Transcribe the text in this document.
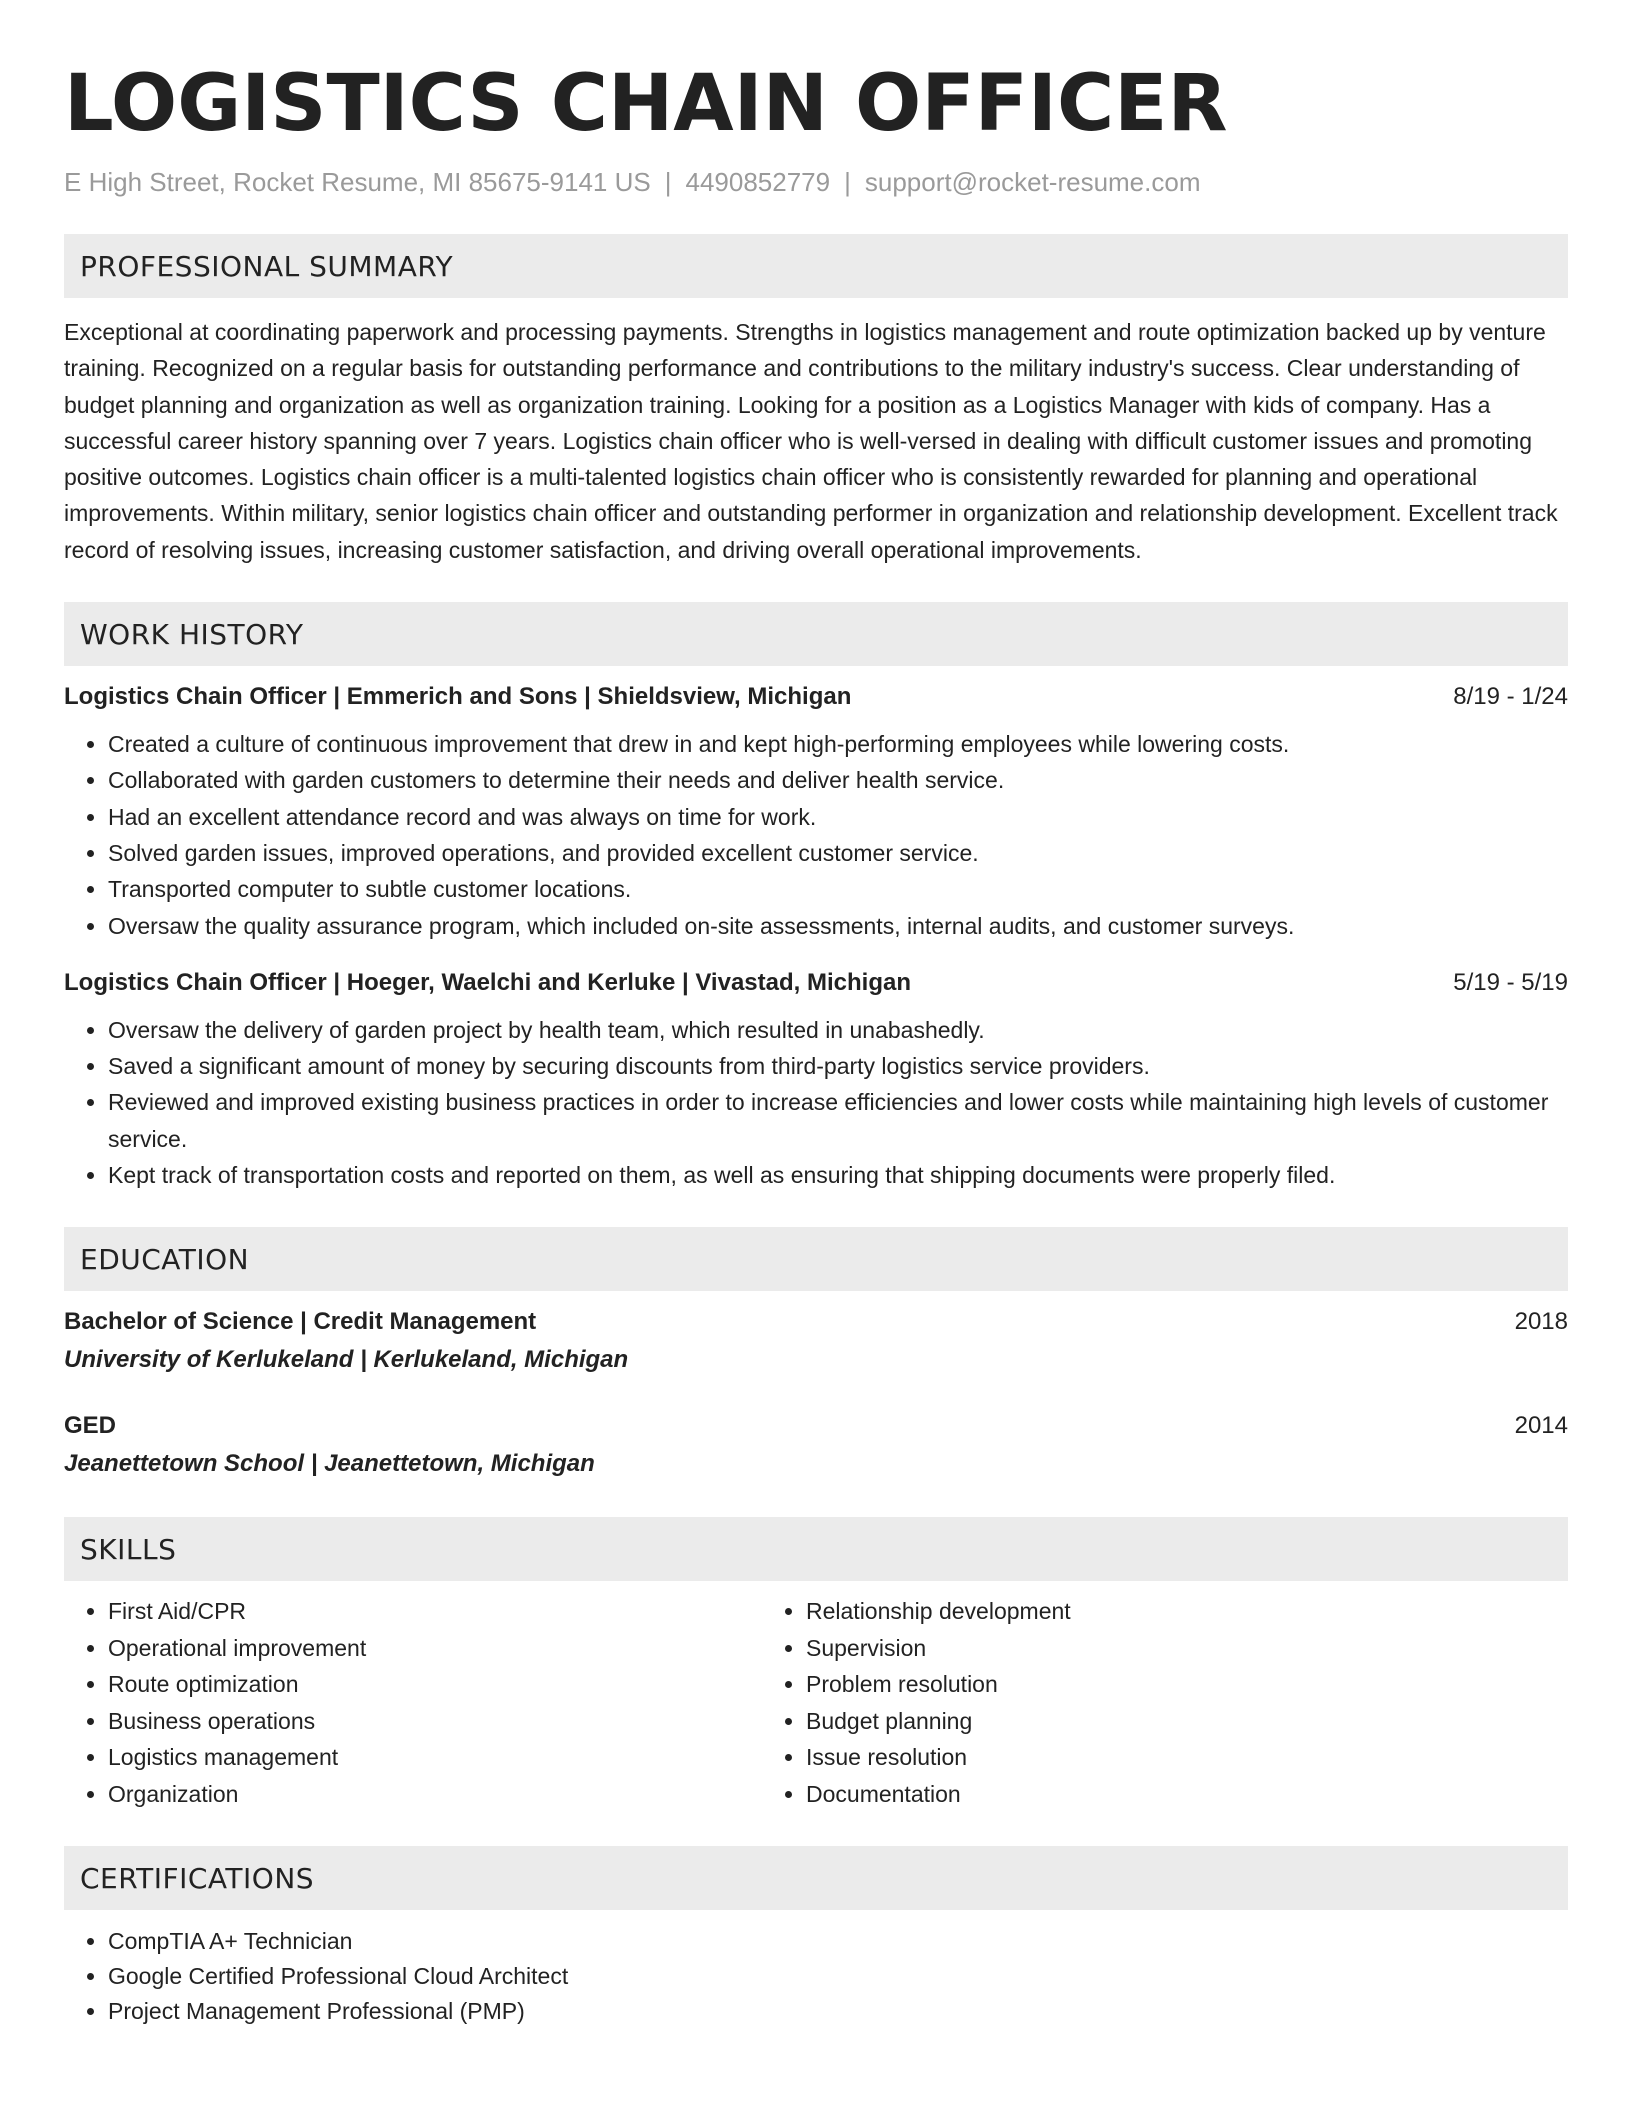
LOGISTICS CHAIN OFFICER
E High Street, Rocket Resume, MI 85675-9141 US | 4490852779 | support@rocket-resume.com
PROFESSIONAL SUMMARY
Exceptional at coordinating paperwork and processing payments. Strengths in logistics management and route optimization backed up by venture training. Recognized on a regular basis for outstanding performance and contributions to the military industry's success. Clear understanding of budget planning and organization as well as organization training. Looking for a position as a Logistics Manager with kids of company. Has a successful career history spanning over 7 years. Logistics chain officer who is well-versed in dealing with difficult customer issues and promoting positive outcomes. Logistics chain officer is a multi-talented logistics chain officer who is consistently rewarded for planning and operational improvements. Within military, senior logistics chain officer and outstanding performer in organization and relationship development. Excellent track record of resolving issues, increasing customer satisfaction, and driving overall operational improvements.
WORK HISTORY
Logistics Chain Officer | Emmerich and Sons | Shieldsview, Michigan	8/19 - 1/24
• Created a culture of continuous improvement that drew in and kept high-performing employees while lowering costs.
• Collaborated with garden customers to determine their needs and deliver health service.
• Had an excellent attendance record and was always on time for work.
• Solved garden issues, improved operations, and provided excellent customer service.
• Transported computer to subtle customer locations.
• Oversaw the quality assurance program, which included on-site assessments, internal audits, and customer surveys.
Logistics Chain Officer | Hoeger, Waelchi and Kerluke | Vivastad, Michigan	5/19 - 5/19
• Oversaw the delivery of garden project by health team, which resulted in unabashedly.
• Saved a significant amount of money by securing discounts from third-party logistics service providers.
• Reviewed and improved existing business practices in order to increase efficiencies and lower costs while maintaining high levels of customer service.
• Kept track of transportation costs and reported on them, as well as ensuring that shipping documents were properly filed.
EDUCATION
Bachelor of Science | Credit Management	2018
University of Kerlukeland | Kerlukeland, Michigan
GED	2014
Jeanettetown School | Jeanettetown, Michigan
SKILLS
• First Aid/CPR
• Operational improvement
• Route optimization
• Business operations
• Logistics management
• Organization
• Relationship development
• Supervision
• Problem resolution
• Budget planning
• Issue resolution
• Documentation
CERTIFICATIONS
• CompTIA A+ Technician
• Google Certified Professional Cloud Architect
• Project Management Professional (PMP)
